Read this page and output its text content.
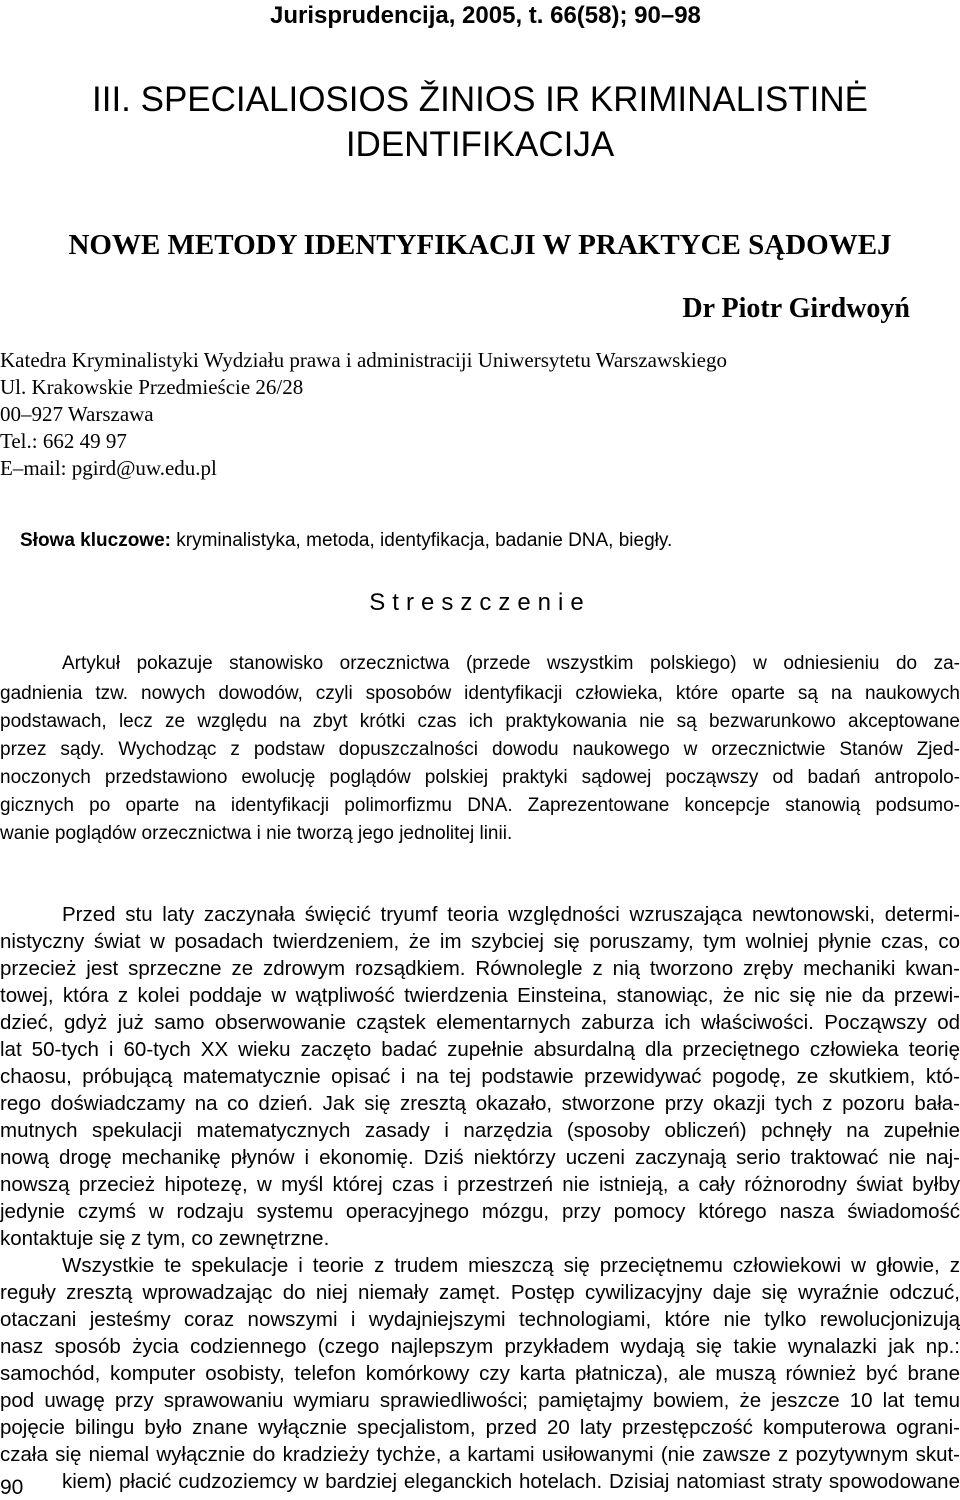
Jurisprudencija, 2005, t. 66(58); 90–98
III. SPECIALIOSIOS ŽINIOS IR KRIMINALISTINĖ
IDENTIFIKACIJA
NOWE METODY IDENTYFIKACJI W PRAKTYCE SĄDOWEJ
Dr Piotr Girdwoyń
Katedra Kryminalistyki Wydziału prawa i administraciji Uniwersytetu Warszawskiego
Ul. Krakowskie Przedmieście 26/28
00–927 Warszawa
Tel.: 662 49 97
E–mail: pgird@uw.edu.pl
Słowa kluczowe: kryminalistyka, metoda, identyfikacja, badanie DNA, biegły.
Streszczenie
Artykuł pokazuje stanowisko orzecznictwa (przede wszystkim polskiego) w odniesieniu do za-
gadnienia tzw. nowych dowodów, czyli sposobów identyfikacji człowieka, które oparte są na naukowych
podstawach, lecz ze względu na zbyt krótki czas ich praktykowania nie są bezwarunkowo akceptowane
przez sądy. Wychodząc z podstaw dopuszczalności dowodu naukowego w orzecznictwie Stanów Zjed-
noczonych przedstawiono ewolucję poglądów polskiej praktyki sądowej począwszy od badań antropolo-
gicznych po oparte na identyfikacji polimorfizmu DNA. Zaprezentowane koncepcje stanowią podsumo-
wanie poglądów orzecznictwa i nie tworzą jego jednolitej linii.
Przed stu laty zaczynała święcić tryumf teoria względności wzruszająca newtonowski, determi-
nistyczny świat w posadach twierdzeniem, że im szybciej się poruszamy, tym wolniej płynie czas, co
przecież jest sprzeczne ze zdrowym rozsądkiem. Równolegle z nią tworzono zręby mechaniki kwan-
towej, która z kolei poddaje w wątpliwość twierdzenia Einsteina, stanowiąc, że nic się nie da przewi-
dzieć, gdyż już samo obserwowanie cząstek elementarnych zaburza ich właściwości. Począwszy od
lat 50-tych i 60-tych XX wieku zaczęto badać zupełnie absurdalną dla przeciętnego człowieka teorię
chaosu, próbującą matematycznie opisać i na tej podstawie przewidywać pogodę, ze skutkiem, któ-
rego doświadczamy na co dzień. Jak się zresztą okazało, stworzone przy okazji tych z pozoru bała-
mutnych spekulacji matematycznych zasady i narzędzia (sposoby obliczeń) pchnęły na zupełnie
nową drogę mechanikę płynów i ekonomię. Dziś niektórzy uczeni zaczynają serio traktować nie naj-
nowszą przecież hipotezę, w myśl której czas i przestrzeń nie istnieją, a cały różnorodny świat byłby
jedynie czymś w rodzaju systemu operacyjnego mózgu, przy pomocy którego nasza świadomość
kontaktuje się z tym, co zewnętrzne.
Wszystkie te spekulacje i teorie z trudem mieszczą się przeciętnemu człowiekowi w głowie, z
reguły zresztą wprowadzając do niej niemały zamęt. Postęp cywilizacyjny daje się wyraźnie odczuć,
otaczani jesteśmy coraz nowszymi i wydajniejszymi technologiami, które nie tylko rewolucjonizują
nasz sposób życia codziennego (czego najlepszym przykładem wydają się takie wynalazki jak np.:
samochód, komputer osobisty, telefon komórkowy czy karta płatnicza), ale muszą również być brane
pod uwagę przy sprawowaniu wymiaru sprawiedliwości; pamiętajmy bowiem, że jeszcze 10 lat temu
pojęcie bilingu było znane wyłącznie specjalistom, przed 20 laty przestępczość komputerowa ograni-
czała się niemal wyłącznie do kradzieży tychże, a kartami usiłowanymi (nie zawsze z pozytywnym skut-
kiem) płacić cudzoziemcy w bardziej eleganckich hotelach. Dzisiaj natomiast straty spowodowane
90
